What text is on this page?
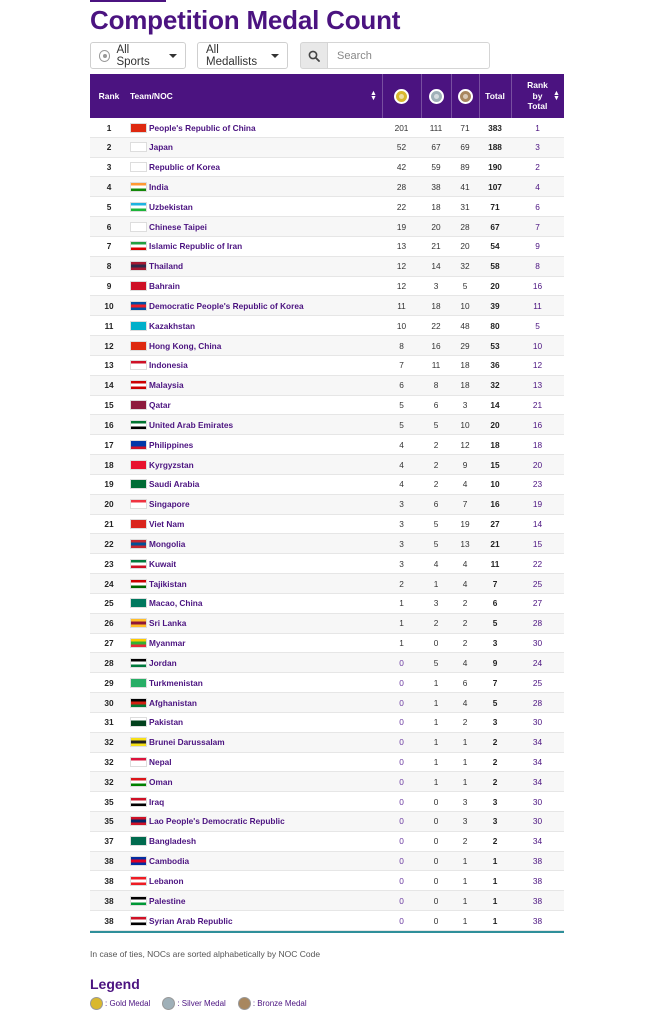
Competition Medal Count
All Sports
All Medallists
Search
Rank	Team/NOC	▲
▼	Total
Rank by Total
▲
▼
1	People's Republic of China	201	111	71	383	1
2	Japan	52	67	69	188	3
3	Republic of Korea	42	59	89	190	2
4	India	28	38	41	107	4
5	Uzbekistan	22	18	31	71	6
6	Chinese Taipei	19	20	28	67	7
7	Islamic Republic of Iran	13	21	20	54	9
8	Thailand	12	14	32	58	8
9	Bahrain	12	3	5	20	16
10	Democratic People's Republic of Korea	11	18	10	39	11
11	Kazakhstan	10	22	48	80	5
12	Hong Kong, China	8	16	29	53	10
13	Indonesia	7	11	18	36	12
14	Malaysia	6	8	18	32	13
15	Qatar	5	6	3	14	21
16	United Arab Emirates	5	5	10	20	16
17	Philippines	4	2	12	18	18
18	Kyrgyzstan	4	2	9	15	20
19	Saudi Arabia	4	2	4	10	23
20	Singapore	3	6	7	16	19
21	Viet Nam	3	5	19	27	14
22	Mongolia	3	5	13	21	15
23	Kuwait	3	4	4	11	22
24	Tajikistan	2	1	4	7	25
25	Macao, China	1	3	2	6	27
26	Sri Lanka	1	2	2	5	28
27	Myanmar	1	0	2	3	30
28	Jordan	0	5	4	9	24
29	Turkmenistan	0	1	6	7	25
30	Afghanistan	0	1	4	5	28
31	Pakistan	0	1	2	3	30
32	Brunei Darussalam	0	1	1	2	34
32	Nepal	0	1	1	2	34
32	Oman	0	1	1	2	34
35	Iraq	0	0	3	3	30
35	Lao People's Democratic Republic	0	0	3	3	30
37	Bangladesh	0	0	2	2	34
38	Cambodia	0	0	1	1	38
38	Lebanon	0	0	1	1	38
38	Palestine	0	0	1	1	38
38	Syrian Arab Republic	0	0	1	1	38
In case of ties, NOCs are sorted alphabetically by NOC Code
Legend
: Gold Medal	: Silver Medal	: Bronze Medal
